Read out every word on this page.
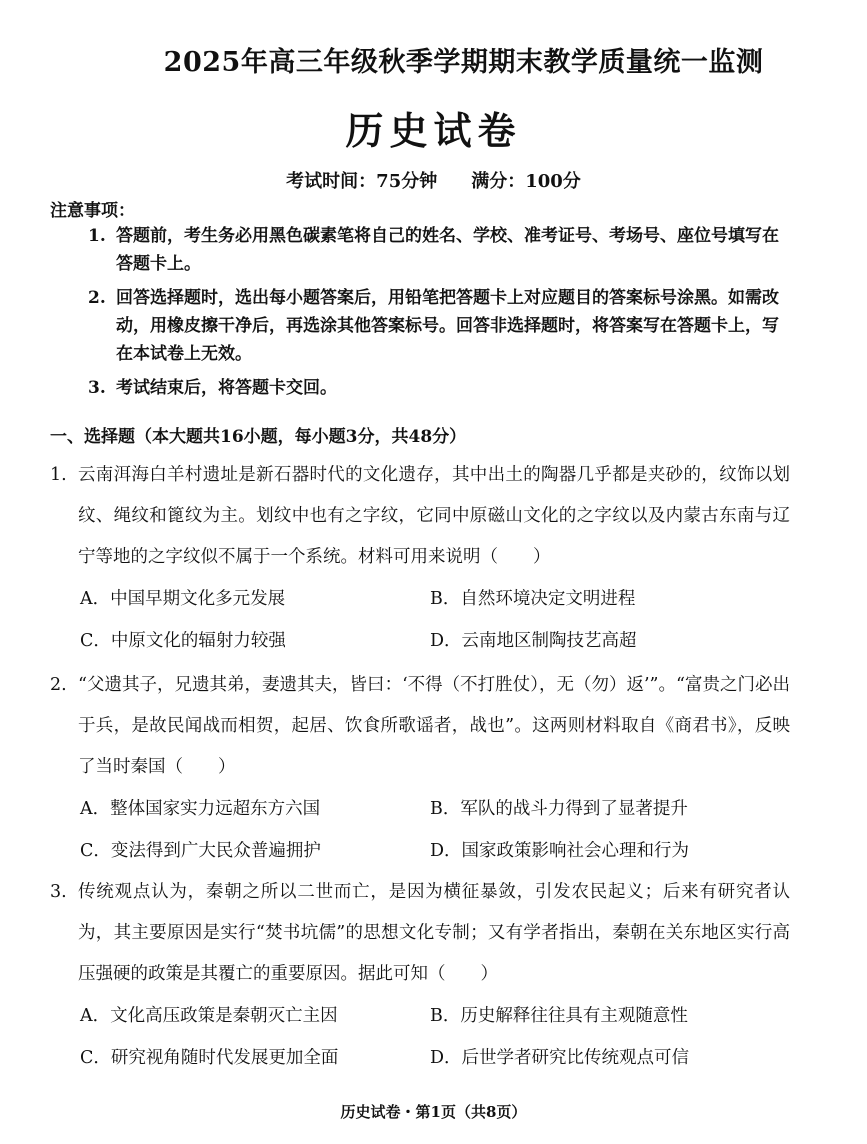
2025年高三年级秋季学期期末教学质量统一监测
历史试卷
考试时间：75分钟 满分：100分
注意事项：
1. 答题前，考生务必用黑色碳素笔将自己的姓名、学校、准考证号、考场号、座位号填写在答题卡上。
2. 回答选择题时，选出每小题答案后，用铅笔把答题卡上对应题目的答案标号涂黑。如需改动，用橡皮擦干净后，再选涂其他答案标号。回答非选择题时，将答案写在答题卡上，写在本试卷上无效。
3. 考试结束后，将答题卡交回。
一、选择题（本大题共16小题，每小题3分，共48分）
1. 云南洱海白羊村遗址是新石器时代的文化遗存，其中出土的陶器几乎都是夹砂的，纹饰以划纹、绳纹和篦纹为主。划纹中也有之字纹，它同中原磁山文化的之字纹以及内蒙古东南与辽宁等地的之字纹似不属于一个系统。材料可用来说明（　　）
A．中国早期文化多元发展	B．自然环境决定文明进程
C．中原文化的辐射力较强	D．云南地区制陶技艺高超
2. “父遗其子，兄遗其弟，妻遗其夫，皆曰：‘不得（不打胜仗），无（勿）返’”。“富贵之门必出于兵，是故民闻战而相贺，起居、饮食所歌谣者，战也”。这两则材料取自《商君书》，反映了当时秦国（　　）
A．整体国家实力远超东方六国	B．军队的战斗力得到了显著提升
C．变法得到广大民众普遍拥护	D．国家政策影响社会心理和行为
3. 传统观点认为，秦朝之所以二世而亡，是因为横征暴敛，引发农民起义；后来有研究者认为，其主要原因是实行“焚书坑儒”的思想文化专制；又有学者指出，秦朝在关东地区实行高压强硬的政策是其覆亡的重要原因。据此可知（　　）
A．文化高压政策是秦朝灭亡主因	B．历史解释往往具有主观随意性
C．研究视角随时代发展更加全面	D．后世学者研究比传统观点可信
历史试卷・第1页（共8页）
